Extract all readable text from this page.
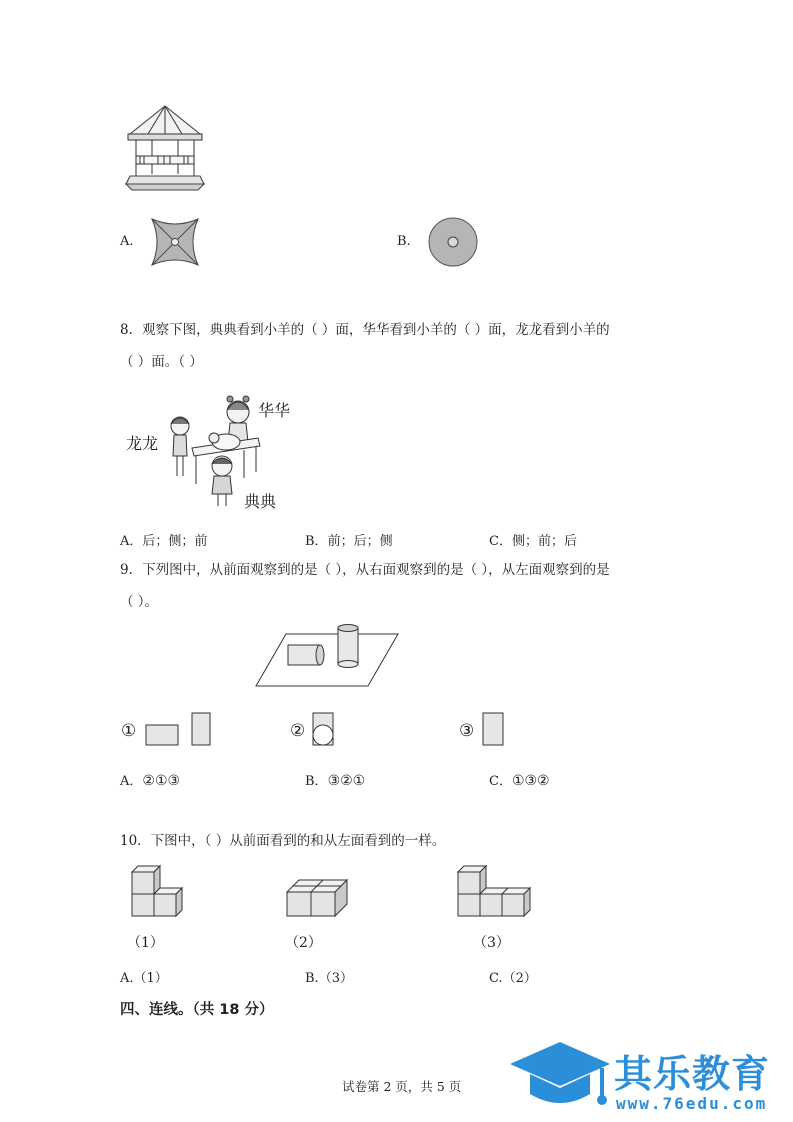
A.	B.
8．观察下图，典典看到小羊的（ ）面，华华看到小羊的（ ）面，龙龙看到小羊的
（ ）面。（ ）
华华
龙龙
典典
A．后；侧；前	B．前；后；侧	C．侧；前；后
9．下列图中，从前面观察到的是（ ），从右面观察到的是（ ），从左面观察到的是
（ ）。
①	②	③
A．②①③	B．③②①	C．①③②
10．下图中，（ ）从前面看到的和从左面看到的一样。
（1）	（2）	（3）
A.（1）	B.（3）	C.（2）
四、连线。（共 18 分）
试卷第 2 页，共 5 页	其乐教育
www.76edu.com
